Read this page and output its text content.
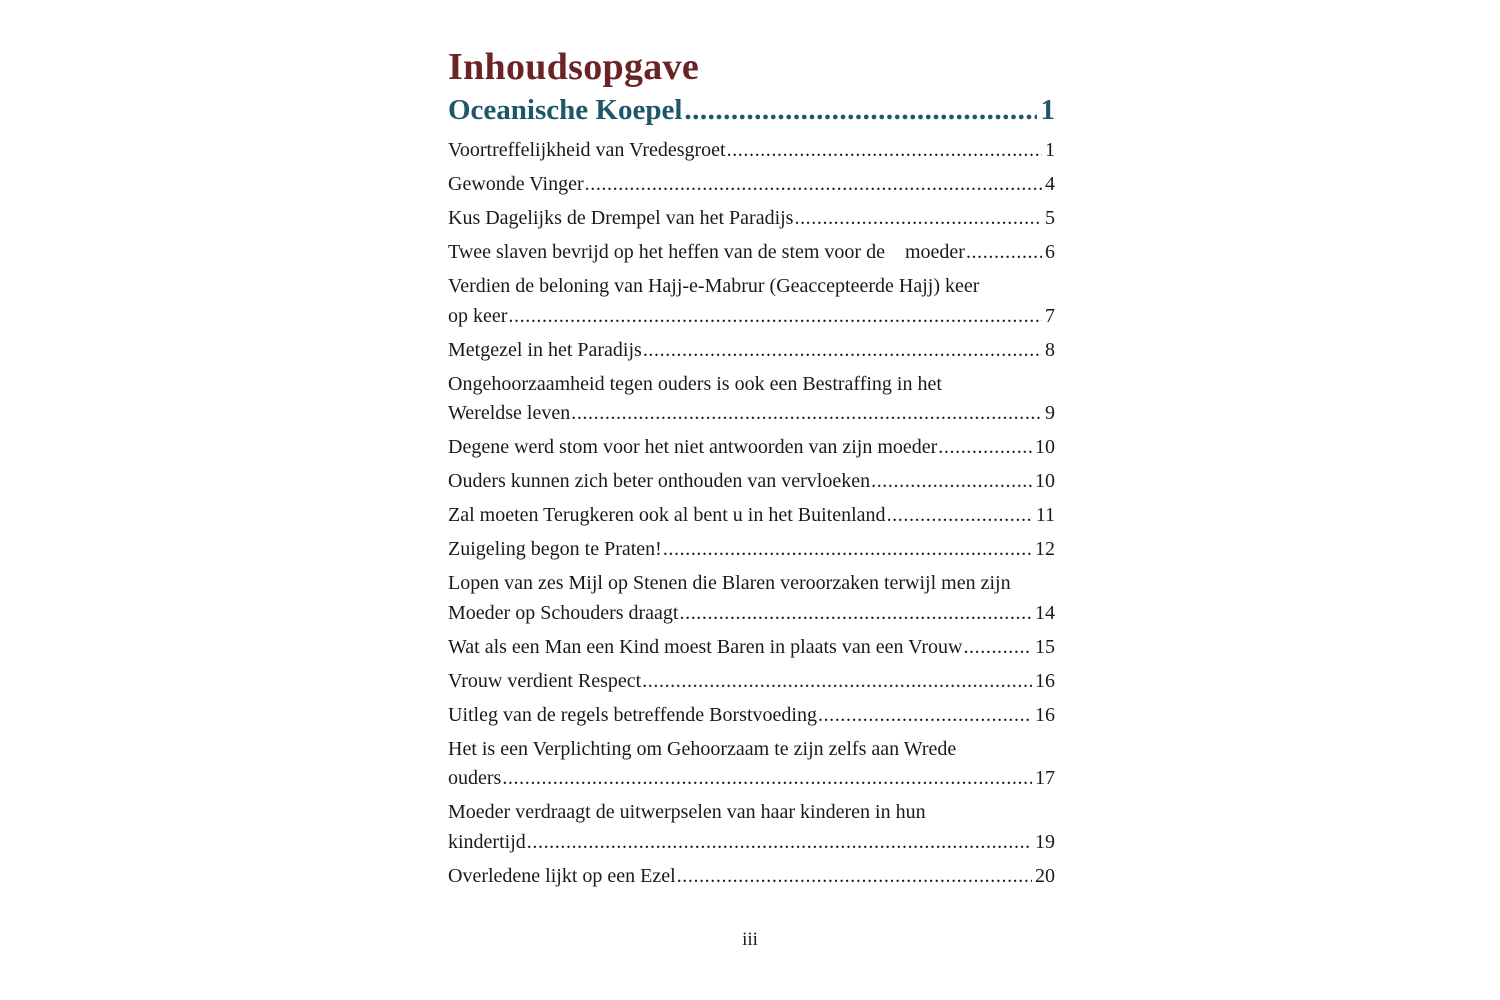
Inhoudsopgave
Oceanische Koepel .....	1
Voortreffelijkheid van Vredesgroet .....	1
Gewonde Vinger .....	4
Kus Dagelijks de Drempel van het Paradijs .....	5
Twee slaven bevrijd op het heffen van de stem voor de    moeder .....	6
Verdien de beloning van Hajj-e-Mabrur (Geaccepteerde Hajj) keer
op keer .....	7
Metgezel in het Paradijs .....	8
Ongehoorzaamheid tegen ouders is ook een Bestraffing in het
Wereldse leven .....	9
Degene werd stom voor het niet antwoorden van zijn moeder .....	10
Ouders kunnen zich beter onthouden van vervloeken .....	10
Zal moeten Terugkeren ook al bent u in het Buitenland .....	11
Zuigeling begon te Praten! .....	12
Lopen van zes Mijl op Stenen die Blaren veroorzaken terwijl men zijn
Moeder op Schouders draagt .....	14
Wat als een Man een Kind moest Baren in plaats van een Vrouw .....	15
Vrouw verdient Respect .....	16
Uitleg van de regels betreffende Borstvoeding .....	16
Het is een Verplichting om Gehoorzaam te zijn zelfs aan Wrede
ouders .....	17
Moeder verdraagt de uitwerpselen van haar kinderen in hun
kindertijd .....	19
Overledene lijkt op een Ezel .....	20
iii
